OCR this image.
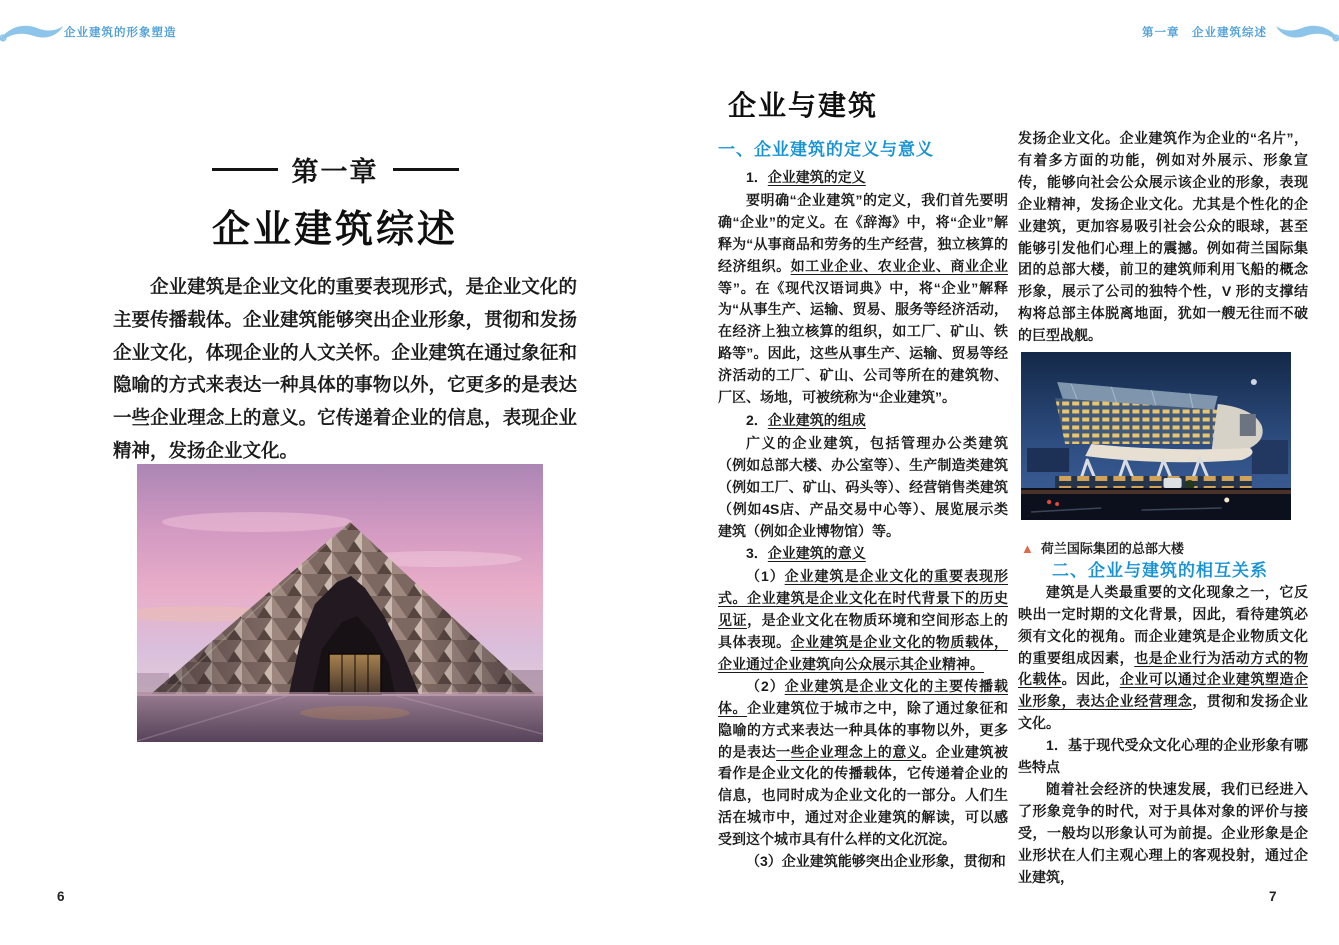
企业建筑的形象塑造	第一章　企业建筑综述
第一章
企业建筑综述
企业建筑是企业文化的重要表现形式，是企业文化的主要传播载体。企业建筑能够突出企业形象，贯彻和发扬企业文化，体现企业的人文关怀。企业建筑在通过象征和隐喻的方式来表达一种具体的事物以外，它更多的是表达一些企业理念上的意义。它传递着企业的信息，表现企业精神，发扬企业文化。
6
企业与建筑
一、企业建筑的定义与意义

1．企业建筑的定义

要明确“企业建筑”的定义，我们首先要明确“企业”的定义。在《辞海》中，将“企业”解释为“从事商品和劳务的生产经营，独立核算的经济组织。如工业企业、农业企业、商业企业等”。在《现代汉语词典》中，将“企业”解释为“从事生产、运输、贸易、服务等经济活动，在经济上独立核算的组织，如工厂、矿山、铁路等”。因此，这些从事生产、运输、贸易等经济活动的工厂、矿山、公司等所在的建筑物、厂区、场地，可被统称为“企业建筑”。

2．企业建筑的组成

广义的企业建筑，包括管理办公类建筑（例如总部大楼、办公室等）、生产制造类建筑（例如工厂、矿山、码头等）、经营销售类建筑（例如4S店、产品交易中心等）、展览展示类建筑（例如企业博物馆）等。

3．企业建筑的意义

（1）企业建筑是企业文化的重要表现形式。企业建筑是企业文化在时代背景下的历史见证，是企业文化在物质环境和空间形态上的具体表现。企业建筑是企业文化的物质载体，企业通过企业建筑向公众展示其企业精神。

（2）企业建筑是企业文化的主要传播载体。企业建筑位于城市之中，除了通过象征和隐喻的方式来表达一种具体的事物以外，更多的是表达一些企业理念上的意义。企业建筑被看作是企业文化的传播载体，它传递着企业的信息，也同时成为企业文化的一部分。人们生活在城市中，通过对企业建筑的解读，可以感受到这个城市具有什么样的文化沉淀。

（3）企业建筑能够突出企业形象，贯彻和

发扬企业文化。企业建筑作为企业的“名片”，有着多方面的功能，例如对外展示、形象宣传，能够向社会公众展示该企业的形象，表现企业精神，发扬企业文化。尤其是个性化的企业建筑，更加容易吸引社会公众的眼球，甚至能够引发他们心理上的震撼。例如荷兰国际集团的总部大楼，前卫的建筑师利用飞船的概念形象，展示了公司的独特个性，V 形的支撑结构将总部主体脱离地面，犹如一艘无往而不破的巨型战舰。

▲ 荷兰国际集团的总部大楼

二、企业与建筑的相互关系

建筑是人类最重要的文化现象之一，它反映出一定时期的文化背景，因此，看待建筑必须有文化的视角。而企业建筑是企业物质文化的重要组成因素，也是企业行为活动方式的物化载体。因此，企业可以通过企业建筑塑造企业形象，表达企业经营理念，贯彻和发扬企业文化。

1．基于现代受众文化心理的企业形象有哪些特点

随着社会经济的快速发展，我们已经进入了形象竞争的时代，对于具体对象的评价与接受，一般均以形象认可为前提。企业形象是企业形状在人们主观心理上的客观投射，通过企业建筑，

7
